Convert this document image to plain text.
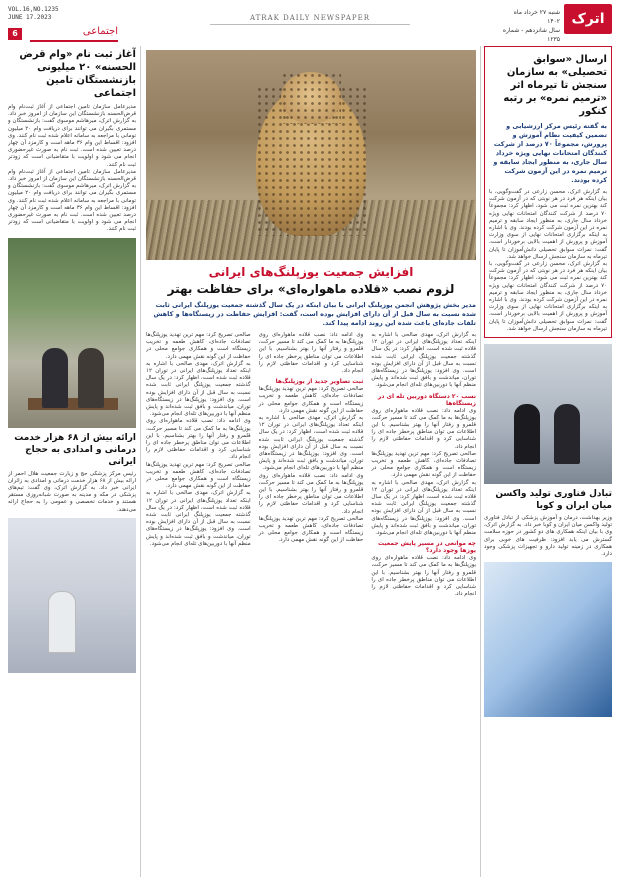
VOL.16,NO.1235
JUNE 17.2023
6	اجتماعی
ATRAK DAILY NEWSPAPER	اترک
شنبه ۲۷ خرداد ماه ۱۴۰۲
سال شانزدهم - شماره ۱۲۳۵
ارسال «سوابق تحصیلی» به سازمان سنجش تا تیرماه اثر «ترمیم نمره» بر رتبه کنکور
به گفته رئیس مرکز ارزشیابی و تضمین کیفیت نظام آموزش و پرورش، مجموعاً ۷۰ درصد از شرکت کنندگان امتحانات نهایی ویژه خرداد سال جاری، به منظور ایجاد سابقه و ترمیم نمره در این آزمون شرکت کرده بودند.
به گزارش اترک، محسن زارعی در گفت‌وگویی، با بیان اینکه هر فرد در هر نوبتی که در آزمون شرکت کند بهترین نمره ثبت می شود، اظهار کرد: مجموعاً ۷۰ درصد از شرکت کنندگان امتحانات نهایی ویژه خرداد سال جاری، به منظور ایجاد سابقه و ترمیم نمره در این آزمون شرکت کرده بودند. وی با اشاره به اینکه برگزاری امتحانات نهایی از سوی وزارت آموزش و پرورش از اهمیت بالایی برخوردار است، گفت: نمرات سوابق تحصیلی دانش‌آموزان تا پایان تیرماه به سازمان سنجش ارسال خواهد شد.
به گزارش اترک، محسن زارعی در گفت‌وگویی، با بیان اینکه هر فرد در هر نوبتی که در آزمون شرکت کند بهترین نمره ثبت می شود، اظهار کرد: مجموعاً ۷۰ درصد از شرکت کنندگان امتحانات نهایی ویژه خرداد سال جاری، به منظور ایجاد سابقه و ترمیم نمره در این آزمون شرکت کرده بودند. وی با اشاره به اینکه برگزاری امتحانات نهایی از سوی وزارت آموزش و پرورش از اهمیت بالایی برخوردار است، گفت: نمرات سوابق تحصیلی دانش‌آموزان تا پایان تیرماه به سازمان سنجش ارسال خواهد شد.
تبادل فناوری تولید واکسن میان ایران و کوبا
وزیر بهداشت، درمان و آموزش پزشکی از تبادل فناوری تولید واکسن میان ایران و کوبا خبر داد. به گزارش اترک، وی با بیان اینکه همکاری های دو کشور در حوزه سلامت گسترش می یابد افزود: ظرفیت های خوبی برای همکاری در زمینه تولید دارو و تجهیزات پزشکی وجود دارد.
افزایش جمعیت یوزپلنگ‌های ایرانی
لزوم نصب «قلاده ماهواره‌ای» برای حفاظت بهتر
مدیر بخش پژوهش انجمن یوزپلنگ ایرانی با بیان اینکه در یک سال گذشته جمعیت یوزپلنگ ایرانی ثابت شده نسبت به سال قبل از آن دارای افزایش بوده است، گفت: افزایش حفاظت در زیستگاه‌ها و کاهش تلفات جاده‌ای باعث شده این روند ادامه پیدا کند.
به گزارش اترک، مهدی صالحی با اشاره به اینکه تعداد یوزپلنگ‌های ایرانی در توران ۱۲ قلاده ثبت شده است، اظهار کرد: در یک سال گذشته جمعیت یوزپلنگ ایرانی ثابت شده نسبت به سال قبل از آن دارای افزایش بوده است. وی افزود: یوزپلنگ‌ها در زیستگاه‌های توران، میاندشت و بافق ثبت شده‌اند و پایش منظم آنها با دوربین‌های تله‌ای انجام می‌شود.
نسب ۲۰ دستگاه دوربین تله ای در زیستگاه‌ها
وی ادامه داد: نصب قلاده ماهواره‌ای روی یوزپلنگ‌ها به ما کمک می کند تا مسیر حرکت، قلمرو و رفتار آنها را بهتر بشناسیم. با این اطلاعات می توان مناطق پرخطر جاده ای را شناسایی کرد و اقدامات حفاظتی لازم را انجام داد.
صالحی تصریح کرد: مهم ترین تهدید یوزپلنگ‌ها تصادفات جاده‌ای، کاهش طعمه و تخریب زیستگاه است و همکاری جوامع محلی در حفاظت از این گونه نقش مهمی دارد.
به گزارش اترک، مهدی صالحی با اشاره به اینکه تعداد یوزپلنگ‌های ایرانی در توران ۱۲ قلاده ثبت شده است، اظهار کرد: در یک سال گذشته جمعیت یوزپلنگ ایرانی ثابت شده نسبت به سال قبل از آن دارای افزایش بوده است. وی افزود: یوزپلنگ‌ها در زیستگاه‌های توران، میاندشت و بافق ثبت شده‌اند و پایش منظم آنها با دوربین‌های تله‌ای انجام می‌شود.
چه موانعی در مسیر پایش جمعیت یوزها وجود دارد؟
وی ادامه داد: نصب قلاده ماهواره‌ای روی یوزپلنگ‌ها به ما کمک می کند تا مسیر حرکت، قلمرو و رفتار آنها را بهتر بشناسیم. با این اطلاعات می توان مناطق پرخطر جاده ای را شناسایی کرد و اقدامات حفاظتی لازم را انجام داد.
وی ادامه داد: نصب قلاده ماهواره‌ای روی یوزپلنگ‌ها به ما کمک می کند تا مسیر حرکت، قلمرو و رفتار آنها را بهتر بشناسیم. با این اطلاعات می توان مناطق پرخطر جاده ای را شناسایی کرد و اقدامات حفاظتی لازم را انجام داد.
ثبت تصاویر جدید از یوزپلنگ‌ها
صالحی تصریح کرد: مهم ترین تهدید یوزپلنگ‌ها تصادفات جاده‌ای، کاهش طعمه و تخریب زیستگاه است و همکاری جوامع محلی در حفاظت از این گونه نقش مهمی دارد.
به گزارش اترک، مهدی صالحی با اشاره به اینکه تعداد یوزپلنگ‌های ایرانی در توران ۱۲ قلاده ثبت شده است، اظهار کرد: در یک سال گذشته جمعیت یوزپلنگ ایرانی ثابت شده نسبت به سال قبل از آن دارای افزایش بوده است. وی افزود: یوزپلنگ‌ها در زیستگاه‌های توران، میاندشت و بافق ثبت شده‌اند و پایش منظم آنها با دوربین‌های تله‌ای انجام می‌شود.
وی ادامه داد: نصب قلاده ماهواره‌ای روی یوزپلنگ‌ها به ما کمک می کند تا مسیر حرکت، قلمرو و رفتار آنها را بهتر بشناسیم. با این اطلاعات می توان مناطق پرخطر جاده ای را شناسایی کرد و اقدامات حفاظتی لازم را انجام داد.
صالحی تصریح کرد: مهم ترین تهدید یوزپلنگ‌ها تصادفات جاده‌ای، کاهش طعمه و تخریب زیستگاه است و همکاری جوامع محلی در حفاظت از این گونه نقش مهمی دارد.
صالحی تصریح کرد: مهم ترین تهدید یوزپلنگ‌ها تصادفات جاده‌ای، کاهش طعمه و تخریب زیستگاه است و همکاری جوامع محلی در حفاظت از این گونه نقش مهمی دارد.
به گزارش اترک، مهدی صالحی با اشاره به اینکه تعداد یوزپلنگ‌های ایرانی در توران ۱۲ قلاده ثبت شده است، اظهار کرد: در یک سال گذشته جمعیت یوزپلنگ ایرانی ثابت شده نسبت به سال قبل از آن دارای افزایش بوده است. وی افزود: یوزپلنگ‌ها در زیستگاه‌های توران، میاندشت و بافق ثبت شده‌اند و پایش منظم آنها با دوربین‌های تله‌ای انجام می‌شود.
وی ادامه داد: نصب قلاده ماهواره‌ای روی یوزپلنگ‌ها به ما کمک می کند تا مسیر حرکت، قلمرو و رفتار آنها را بهتر بشناسیم. با این اطلاعات می توان مناطق پرخطر جاده ای را شناسایی کرد و اقدامات حفاظتی لازم را انجام داد.
صالحی تصریح کرد: مهم ترین تهدید یوزپلنگ‌ها تصادفات جاده‌ای، کاهش طعمه و تخریب زیستگاه است و همکاری جوامع محلی در حفاظت از این گونه نقش مهمی دارد.
به گزارش اترک، مهدی صالحی با اشاره به اینکه تعداد یوزپلنگ‌های ایرانی در توران ۱۲ قلاده ثبت شده است، اظهار کرد: در یک سال گذشته جمعیت یوزپلنگ ایرانی ثابت شده نسبت به سال قبل از آن دارای افزایش بوده است. وی افزود: یوزپلنگ‌ها در زیستگاه‌های توران، میاندشت و بافق ثبت شده‌اند و پایش منظم آنها با دوربین‌های تله‌ای انجام می‌شود.
آغاز ثبت نام «وام قرض الحسنه» ۲۰ میلیونی بازنشستگان تامین اجتماعی
مدیرعامل سازمان تامین اجتماعی از آغاز ثبت‌نام وام قرض‌الحسنه بازنشستگان این سازمان از امروز خبر داد. به گزارش اترک، میرهاشم موسوی گفت: بازنشستگان و مستمری بگیران می توانند برای دریافت وام ۲۰ میلیون تومانی با مراجعه به سامانه اعلام شده ثبت نام کنند. وی افزود: اقساط این وام ۳۶ ماهه است و کارمزد آن چهار درصد تعیین شده است. ثبت نام به صورت غیرحضوری انجام می شود و اولویت با متقاضیانی است که زودتر ثبت نام کنند.
مدیرعامل سازمان تامین اجتماعی از آغاز ثبت‌نام وام قرض‌الحسنه بازنشستگان این سازمان از امروز خبر داد. به گزارش اترک، میرهاشم موسوی گفت: بازنشستگان و مستمری بگیران می توانند برای دریافت وام ۲۰ میلیون تومانی با مراجعه به سامانه اعلام شده ثبت نام کنند. وی افزود: اقساط این وام ۳۶ ماهه است و کارمزد آن چهار درصد تعیین شده است. ثبت نام به صورت غیرحضوری انجام می شود و اولویت با متقاضیانی است که زودتر ثبت نام کنند.
ارائه بیش از ۶۸ هزار خدمت درمانی و امدادی به حجاج ایرانی
رئیس مرکز پزشکی حج و زیارت جمعیت هلال احمر از ارائه بیش از ۶۸ هزار خدمت درمانی و امدادی به زائران ایرانی خبر داد. به گزارش اترک، وی گفت: تیم‌های پزشکی در مکه و مدینه به صورت شبانه‌روزی مستقر هستند و خدمات تخصصی و عمومی را به حجاج ارائه می‌دهند.
